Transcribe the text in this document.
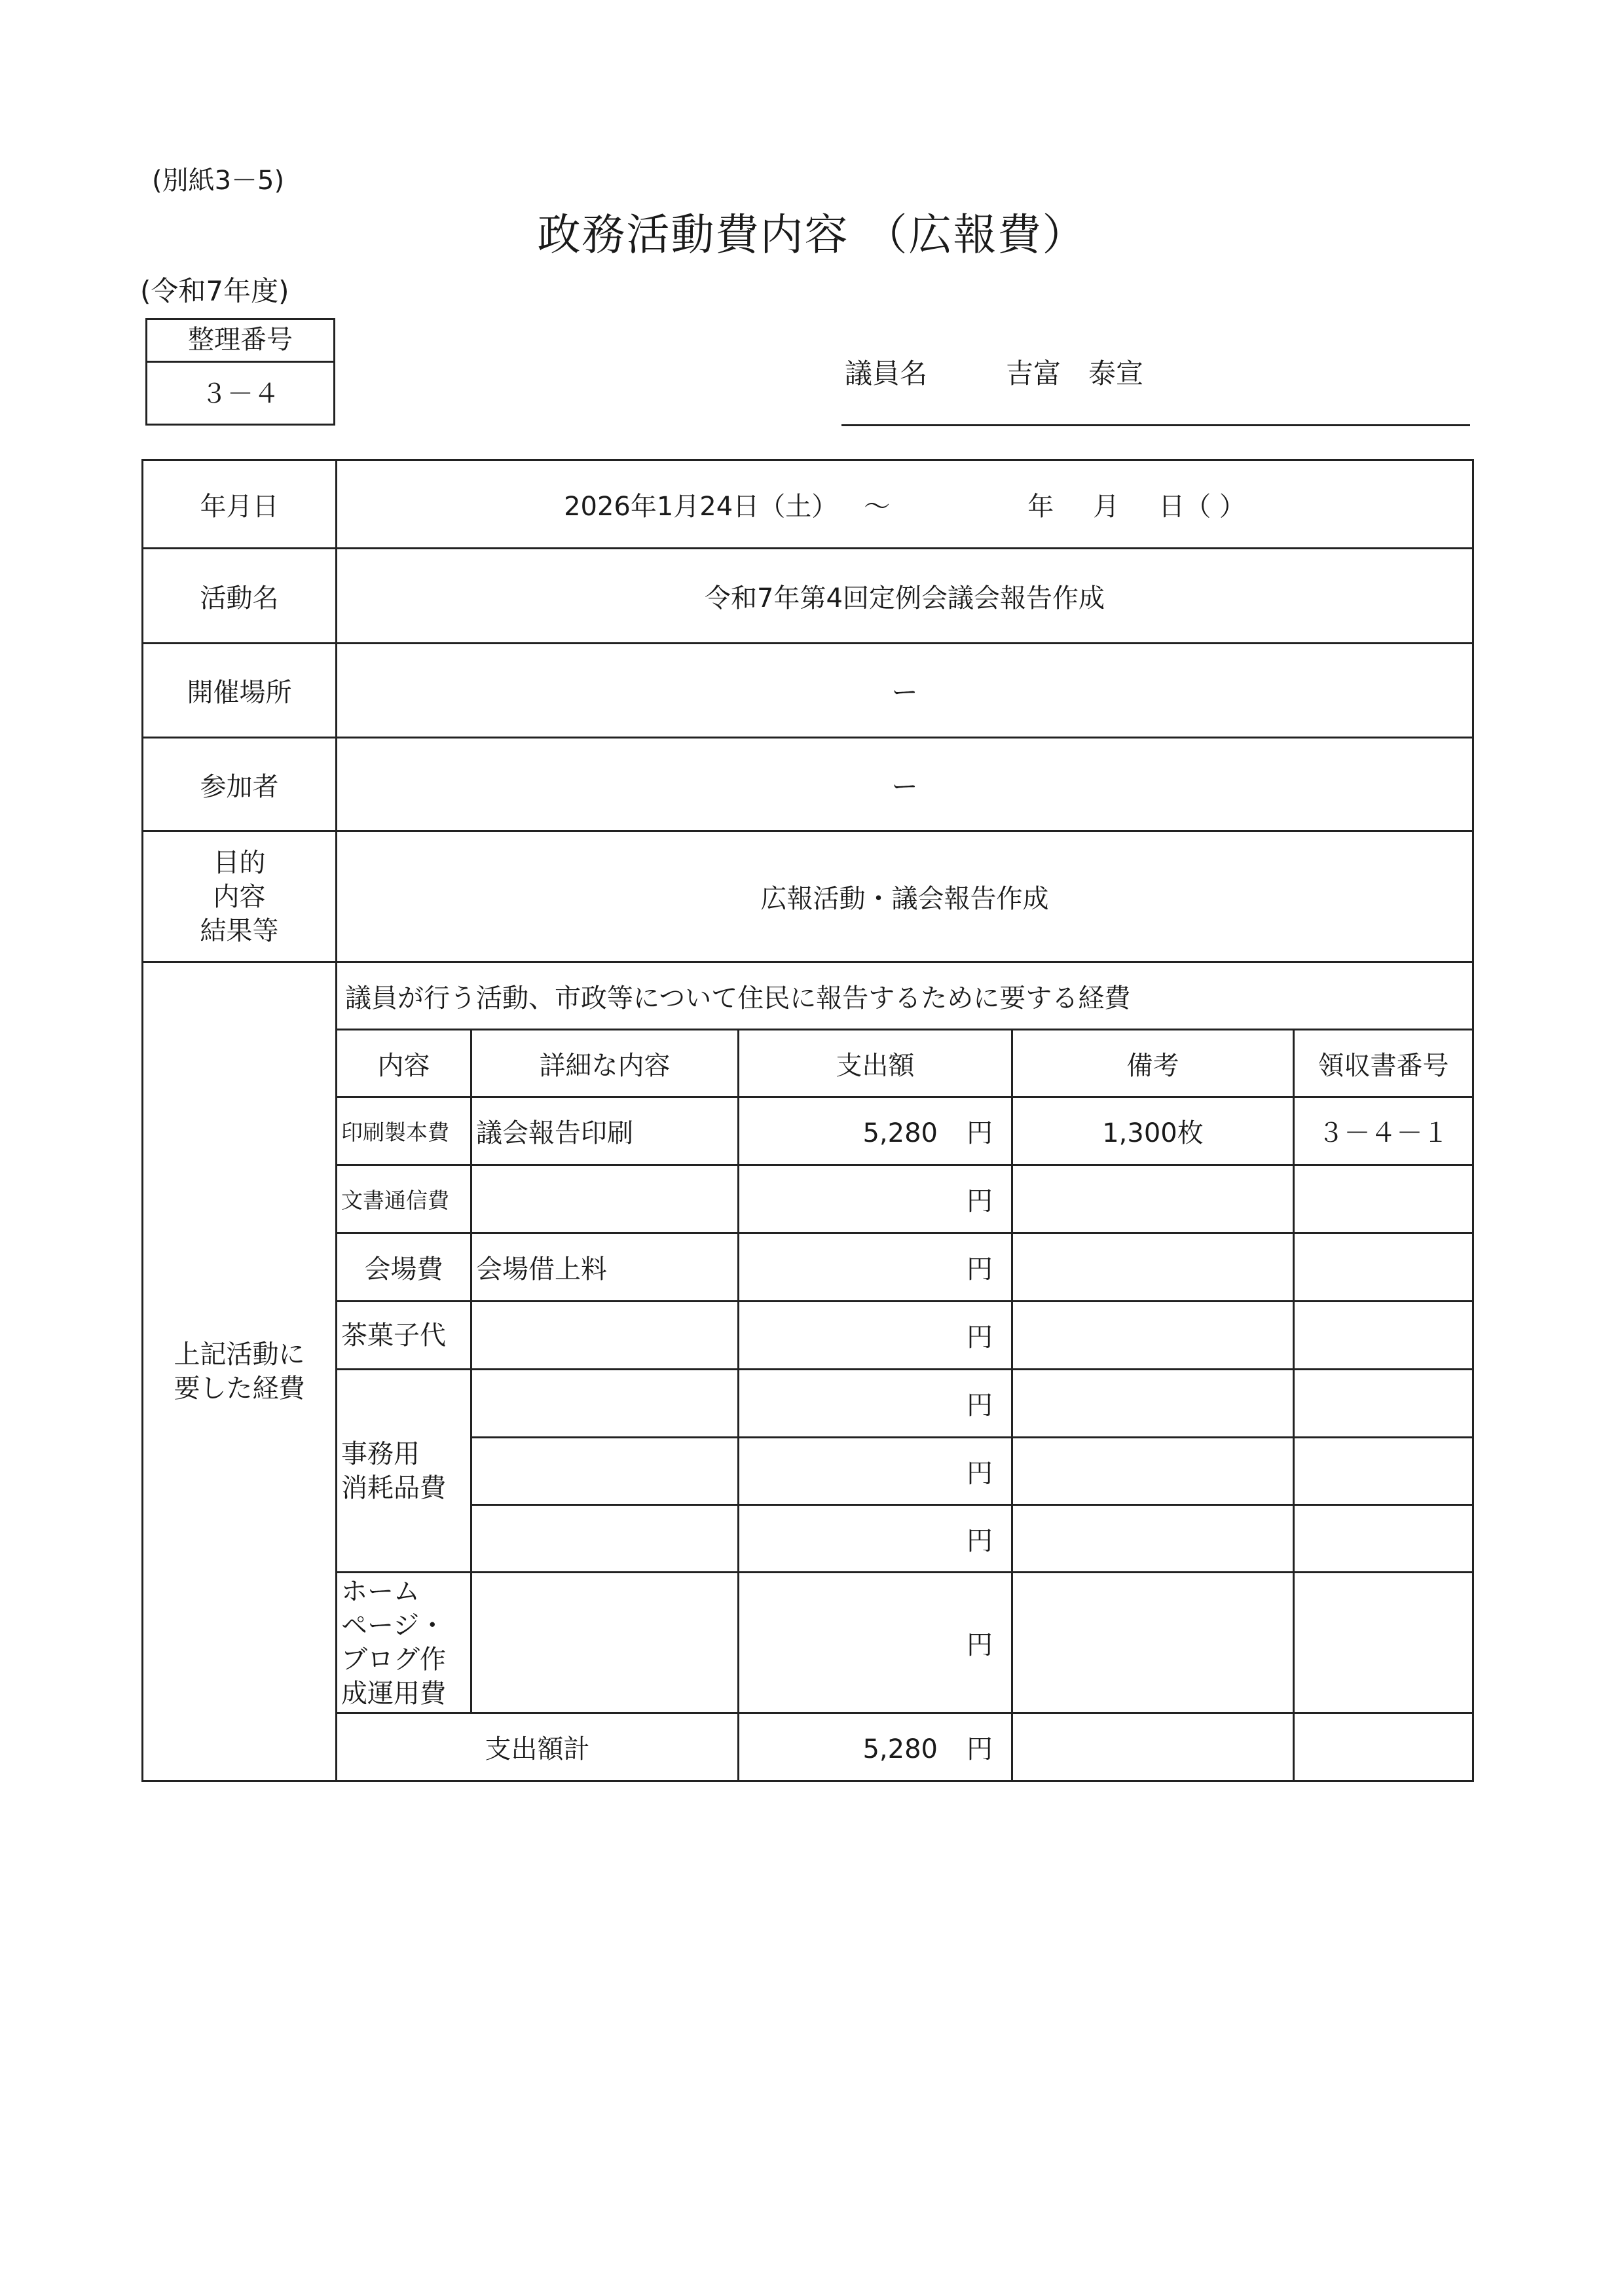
(別紙3－5)
政務活動費内容 （広報費）
(令和7年度)
整理番号
３－４
議員名	吉富　泰宣
年月日	2026年1月24日（土） ～ 年 月 日（ ）				
活動名	令和7年第4回定例会議会報告作成				
開催場所	ー				
参加者	ー				

目的
内容
結果等	広報活動・議会報告作成				

上記活動に
要した経費	議員が行う活動、市政等について住民に報告するために要する経費				
	内容	詳細な内容	支出額	備考	領収書番号
	印刷製本費	議会報告印刷	5,280 円	1,300枚	３－４－１
	文書通信費		円		
	会場費	会場借上料	円		
	茶菓子代		円		

	事務用
消耗品費		円		
			円		
			円		

	ホーム
ページ・
ブログ作
成運用費		円		
	支出額計		5,280 円		
